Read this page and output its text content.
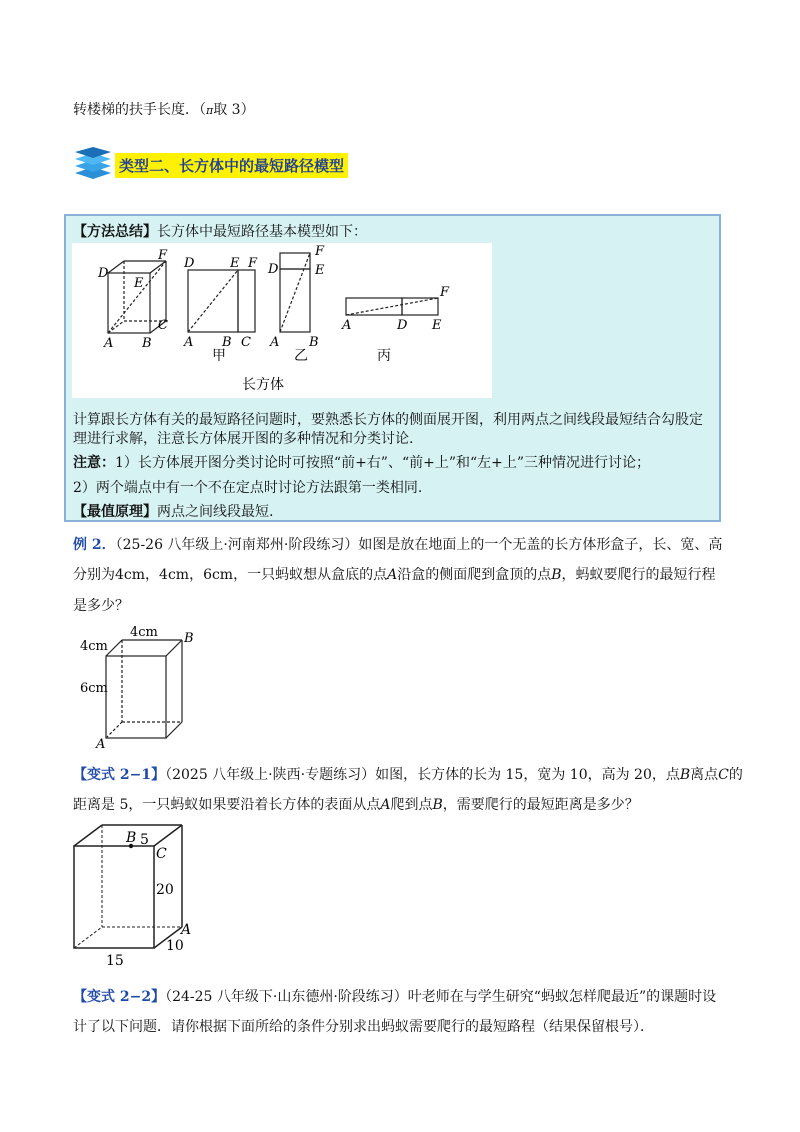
转楼梯的扶手长度．（π取 3）
类型二、长方体中的最短路径模型
【方法总结】长方体中最短路径基本模型如下：
D
E
F
C
A B
D	E F
A B C
甲
D
F
E
A B
乙
F
A	D E
丙
长方体
计算跟长方体有关的最短路径问题时，要熟悉长方体的侧面展开图，利用两点之间线段最短结合勾股定
理进行求解，注意长方体展开图的多种情况和分类讨论.
注意：1）长方体展开图分类讨论时可按照“前+右”、“前+上”和“左+上”三种情况进行讨论；
2）两个端点中有一个不在定点时讨论方法跟第一类相同.
【最值原理】两点之间线段最短.
例 2．（25-26 八年级上·河南郑州·阶段练习）如图是放在地面上的一个无盖的长方体形盒子，长、宽、高
分别为4cm，4cm，6cm，一只蚂蚁想从盒底的点A沿盒的侧面爬到盒顶的点B，蚂蚁要爬行的最短行程
是多少？
4cm
4cm
6cm
A
B
【变式 2−1】（2025 八年级上·陕西·专题练习）如图，长方体的长为 15，宽为 10，高为 20，点B离点C的
距离是 5，一只蚂蚁如果要沿着长方体的表面从点A爬到点B，需要爬行的最短距离是多少？
B 5
C
20
A
10
15
【变式 2−2】（24-25 八年级下·山东德州·阶段练习）叶老师在与学生研究“蚂蚁怎样爬最近”的课题时设
计了以下问题．请你根据下面所给的条件分别求出蚂蚁需要爬行的最短路程（结果保留根号）．
